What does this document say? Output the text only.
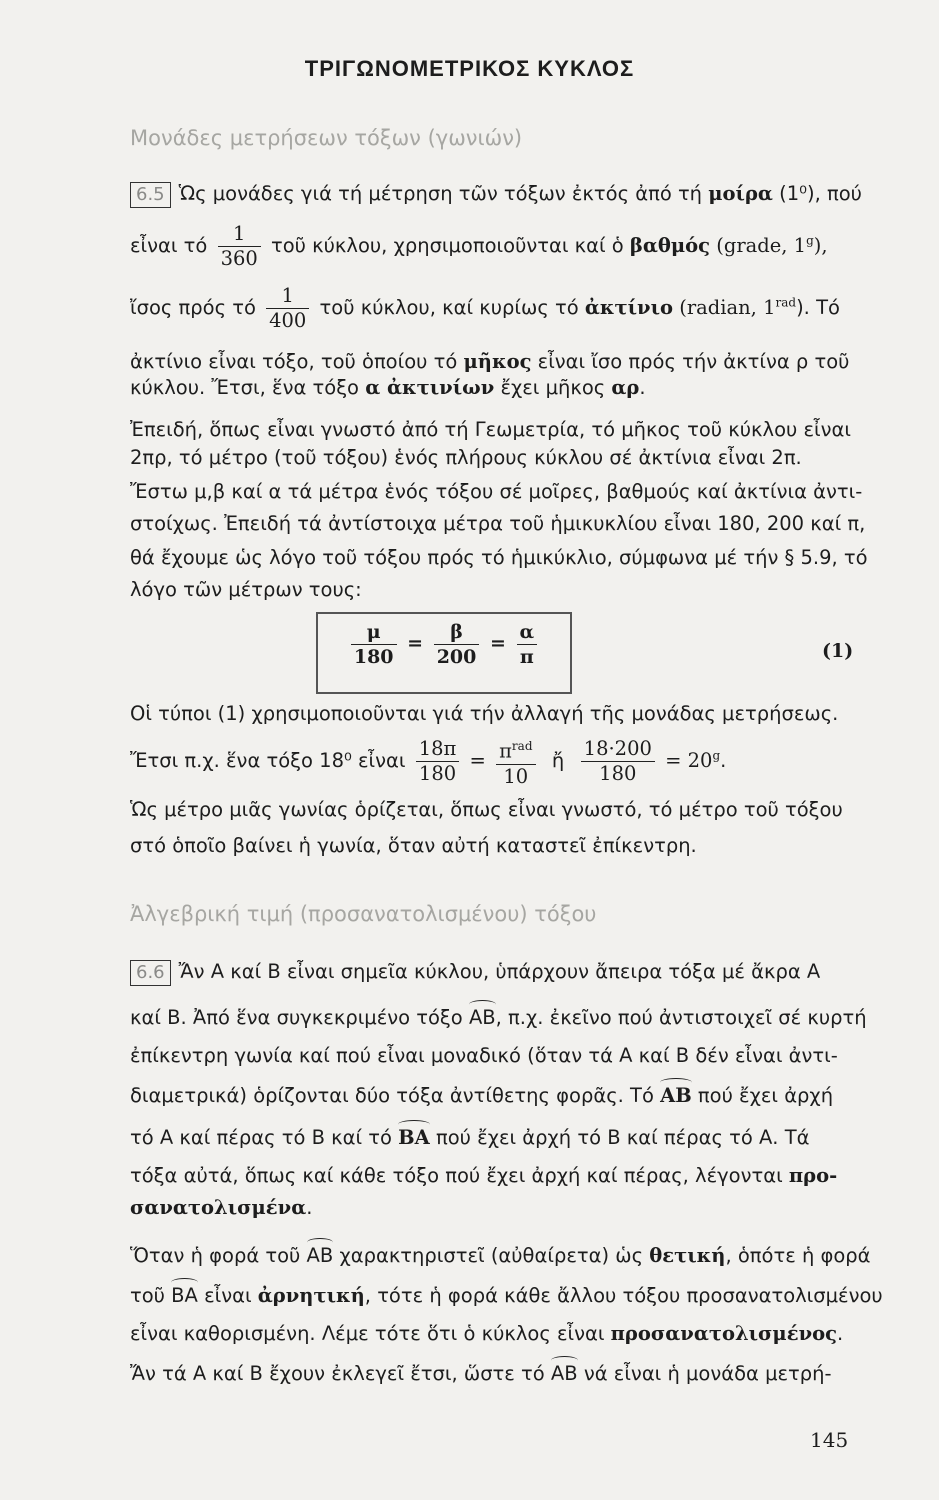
ΤΡΙΓΩΝΟΜΕΤΡΙΚΟΣ ΚΥΚΛΟΣ
Μονάδες μετρήσεων τόξων (γωνιών)
6.5 Ὡς μονάδες γιά τή μέτρηση τῶν τόξων ἐκτός ἀπό τή μοίρα (1⁰), πού
εἶναι τό $\frac{1}{360}$ τοῦ κύκλου, χρησιμοποιοῦνται καί ὁ βαθμός (grade, 1$^g$),
ἴσος πρός τό $\frac{1}{400}$ τοῦ κύκλου, καί κυρίως τό ἀκτίνιο (radian, $1^{rad}$). Τό
ἀκτίνιο εἶναι τόξο, τοῦ ὁποίου τό μῆκος εἶναι ἴσο πρός τήν ἀκτίνα ρ τοῦ
κύκλου. Ἔτσι, ἕνα τόξο α ἀκτινίων ἔχει μῆκος αρ.
Ἐπειδή, ὅπως εἶναι γνωστό ἀπό τή Γεωμετρία, τό μῆκος τοῦ κύκλου εἶναι
2πρ, τό μέτρο (τοῦ τόξου) ἑνός πλήρους κύκλου σέ ἀκτίνια εἶναι 2π.
Ἔστω μ,β καί α τά μέτρα ἑνός τόξου σέ μοῖρες, βαθμούς καί ἀκτίνια ἀντι-
στοίχως. Ἐπειδή τά ἀντίστοιχα μέτρα τοῦ ἡμικυκλίου εἶναι 180, 200 καί π,
θά ἔχουμε ὡς λόγο τοῦ τόξου πρός τό ἡμικύκλιο, σύμφωνα μέ τήν § 5.9, τό
λόγο τῶν μέτρων τους:
$\frac{\mu}{180} = \frac{\beta}{200} = \frac{\alpha}{\pi}$	(1)
Οἱ τύποι (1) χρησιμοποιοῦνται γιά τήν ἀλλαγή τῆς μονάδας μετρήσεως.
Ἔτσι π.χ. ἕνα τόξο 18⁰ εἶναι $\frac{18\pi}{180} = \frac{\pi^{rad}}{10}$ ἤ $\frac{18\cdot 200}{180} = 20^g$.
Ὡς μέτρο μιᾶς γωνίας ὁρίζεται, ὅπως εἶναι γνωστό, τό μέτρο τοῦ τόξου
στό ὁποῖο βαίνει ἡ γωνία, ὅταν αὐτή καταστεῖ ἐπίκεντρη.
Ἀλγεβρική τιμή (προσανατολισμένου) τόξου
6.6 Ἄν Α καί Β εἶναι σημεῖα κύκλου, ὑπάρχουν ἄπειρα τόξα μέ ἄκρα Α
καί Β. Ἀπό ἕνα συγκεκριμένο τόξο ΑΒ, π.χ. ἐκεῖνο πού ἀντιστοιχεῖ σέ κυρτή
ἐπίκεντρη γωνία καί πού εἶναι μοναδικό (ὅταν τά Α καί Β δέν εἶναι ἀντι-
διαμετρικά) ὁρίζονται δύο τόξα ἀντίθετης φορᾶς. Τό ΑΒ πού ἔχει ἀρχή
τό Α καί πέρας τό Β καί τό ΒΑ πού ἔχει ἀρχή τό Β καί πέρας τό Α. Τά
τόξα αὐτά, ὅπως καί κάθε τόξο πού ἔχει ἀρχή καί πέρας, λέγονται προ-
σανατολισμένα.
Ὅταν ἡ φορά τοῦ ΑΒ χαρακτηριστεῖ (αὐθαίρετα) ὡς θετική, ὁπότε ἡ φορά
τοῦ ΒΑ εἶναι ἀρνητική, τότε ἡ φορά κάθε ἄλλου τόξου προσανατολισμένου
εἶναι καθορισμένη. Λέμε τότε ὅτι ὁ κύκλος εἶναι προσανατολισμένος.
Ἄν τά Α καί Β ἔχουν ἐκλεγεῖ ἔτσι, ὥστε τό ΑΒ νά εἶναι ἡ μονάδα μετρή-
145
